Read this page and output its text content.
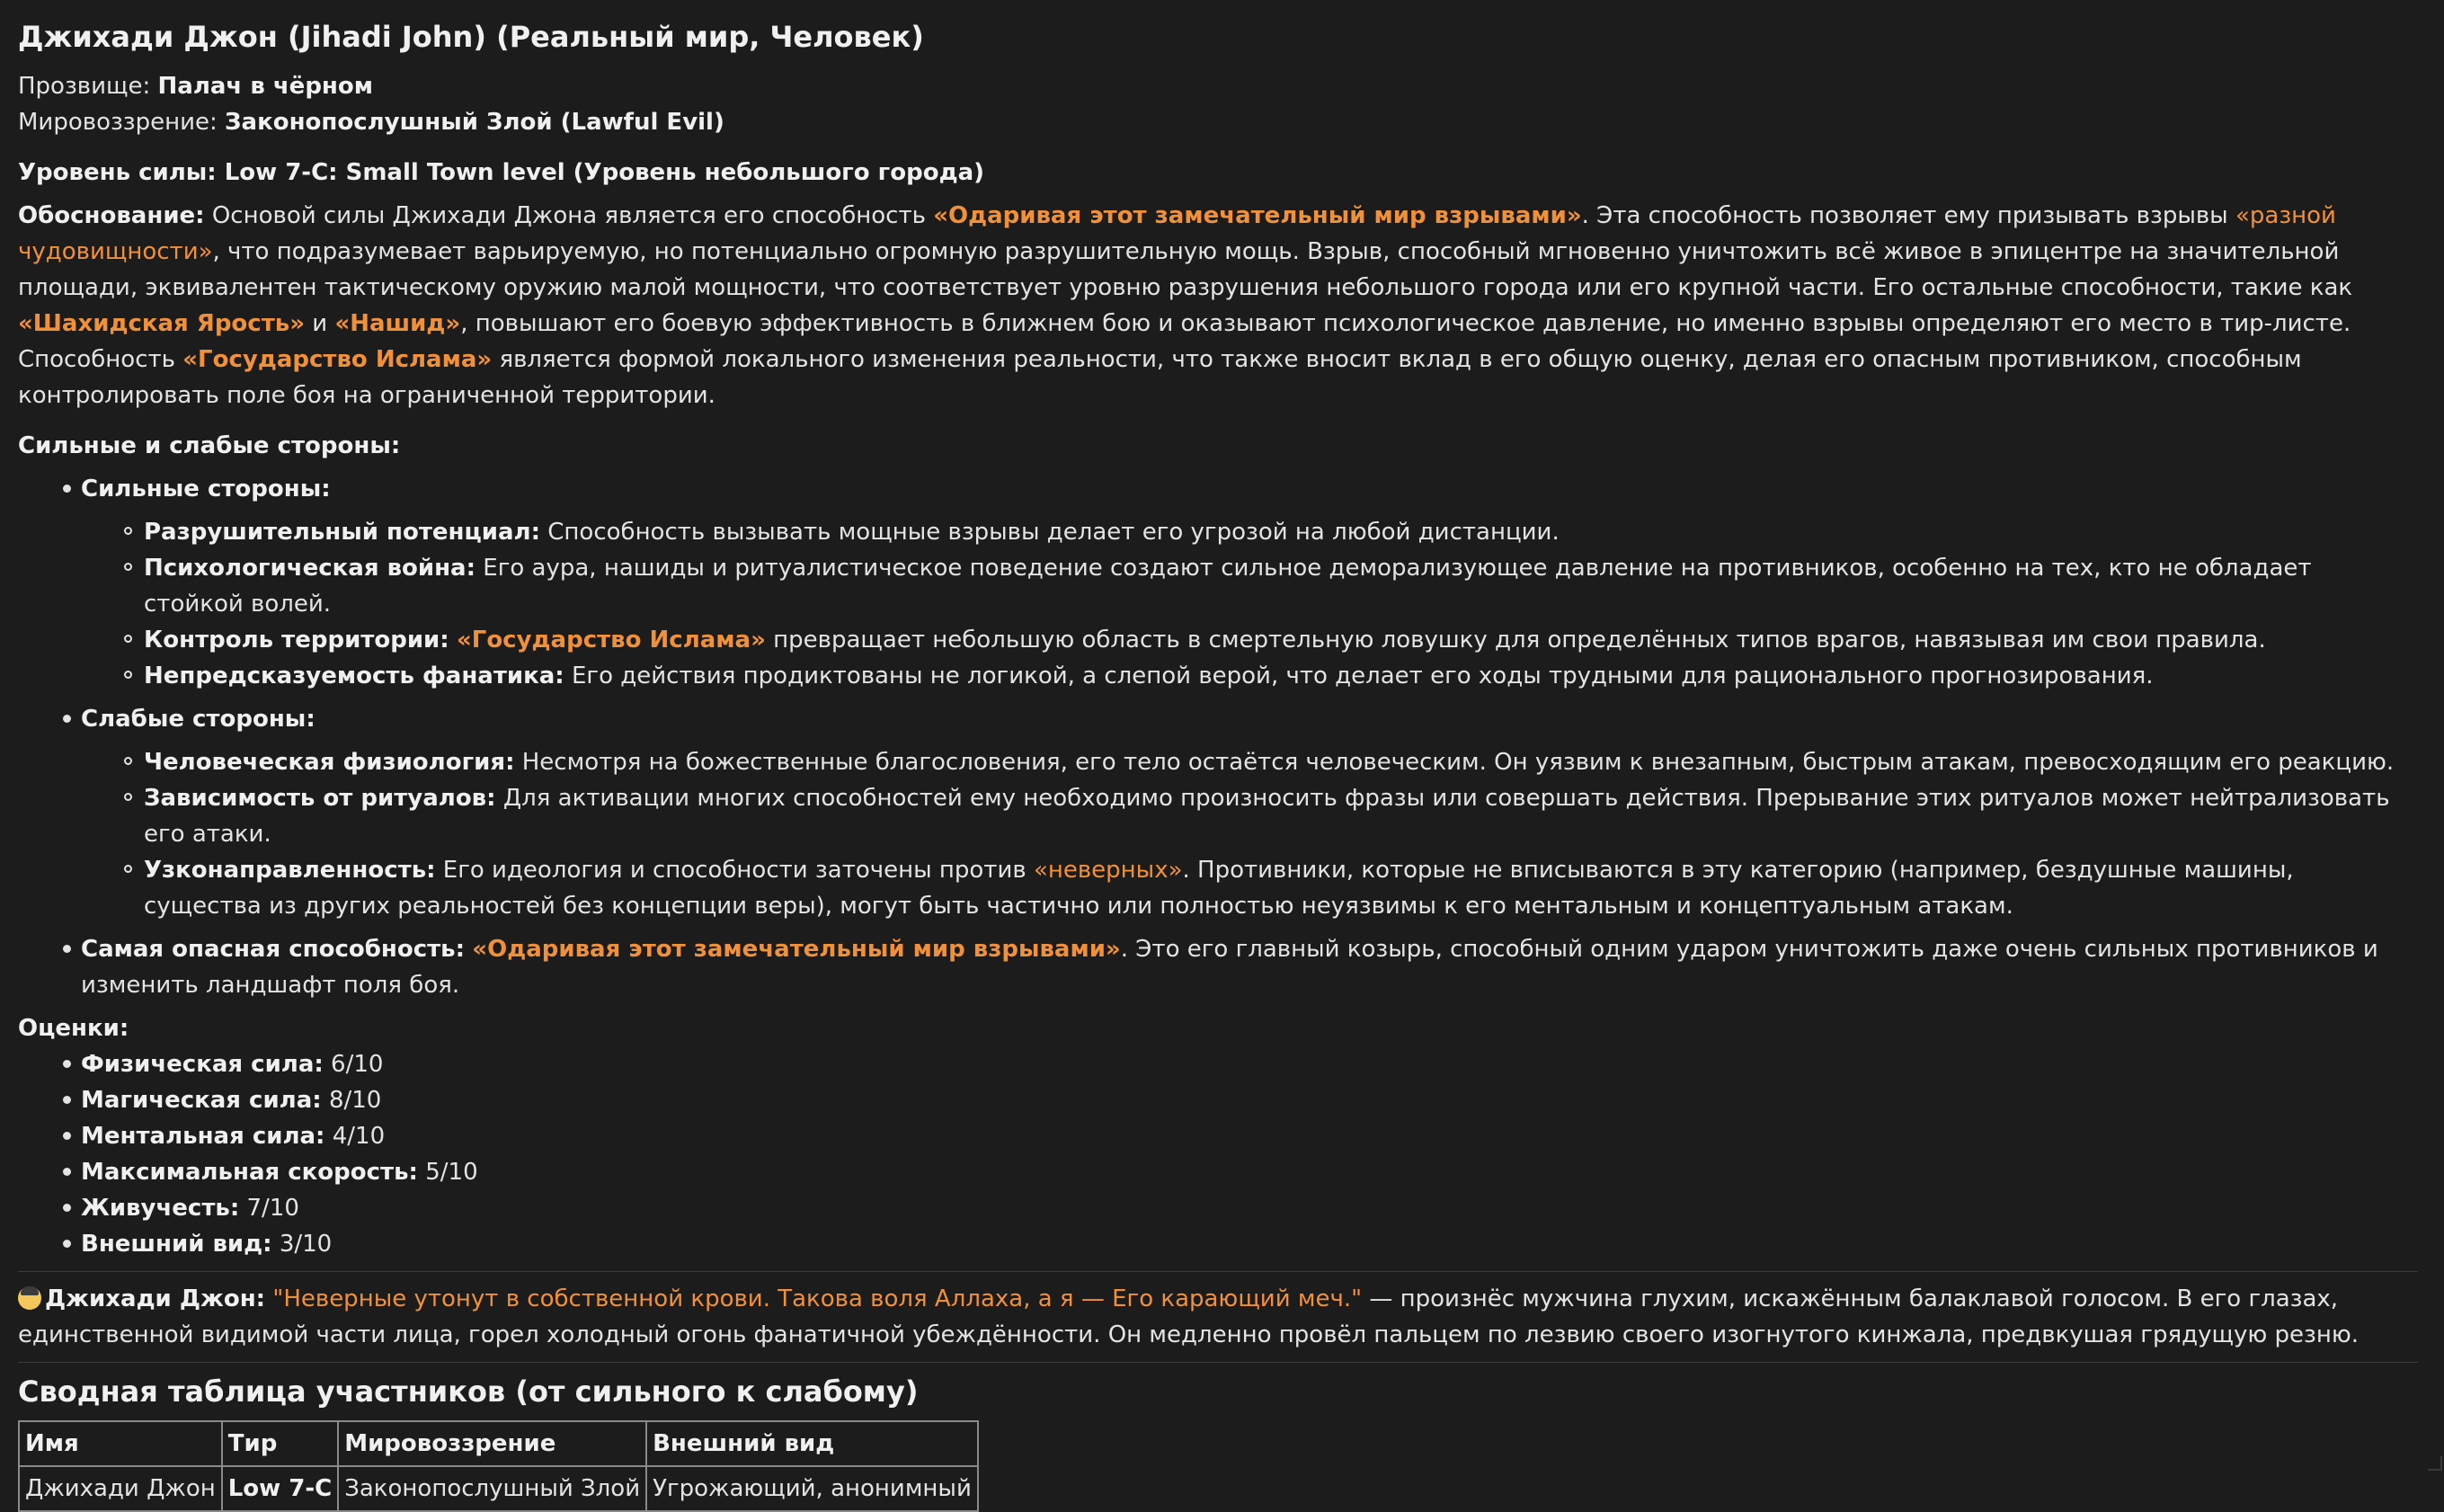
Джихади Джон (Jihadi John) (Реальный мир, Человек)

Прозвище: Палач в чёрном

Мировоззрение: Законопослушный Злой (Lawful Evil)

Уровень силы: Low 7-C: Small Town level (Уровень небольшого города)

Обоснование: Основой силы Джихади Джона является его способность «Одаривая этот замечательный мир взрывами». Эта способность позволяет ему призывать взрывы «разной чудовищности», что подразумевает варьируемую, но потенциально огромную разрушительную мощь. Взрыв, способный мгновенно уничтожить всё живое в эпицентре на значительной площади, эквивалентен тактическому оружию малой мощности, что соответствует уровню разрушения небольшого города или его крупной части. Его остальные способности, такие как «Шахидская Ярость» и «Нашид», повышают его боевую эффективность в ближнем бою и оказывают психологическое давление, но именно взрывы определяют его место в тир-листе. Способность «Государство Ислама» является формой локального изменения реальности, что также вносит вклад в его общую оценку, делая его опасным противником, способным контролировать поле боя на ограниченной территории.

Сильные и слабые стороны:

Сильные стороны:
Разрушительный потенциал: Способность вызывать мощные взрывы делает его угрозой на любой дистанции.
Психологическая война: Его аура, нашиды и ритуалистическое поведение создают сильное деморализующее давление на противников, особенно на тех, кто не обладает стойкой волей.
Контроль территории: «Государство Ислама» превращает небольшую область в смертельную ловушку для определённых типов врагов, навязывая им свои правила.
Непредсказуемость фанатика: Его действия продиктованы не логикой, а слепой верой, что делает его ходы трудными для рационального прогнозирования.
Слабые стороны:
Человеческая физиология: Несмотря на божественные благословения, его тело остаётся человеческим. Он уязвим к внезапным, быстрым атакам, превосходящим его реакцию.
Зависимость от ритуалов: Для активации многих способностей ему необходимо произносить фразы или совершать действия. Прерывание этих ритуалов может нейтрализовать его атаки.
Узконаправленность: Его идеология и способности заточены против «неверных». Противники, которые не вписываются в эту категорию (например, бездушные машины, существа из других реальностей без концепции веры), могут быть частично или полностью неуязвимы к его ментальным и концептуальным атакам.
Самая опасная способность: «Одаривая этот замечательный мир взрывами». Это его главный козырь, способный одним ударом уничтожить даже очень сильных противников и изменить ландшафт поля боя.

Оценки:

Физическая сила: 6/10
Магическая сила: 8/10
Ментальная сила: 4/10
Максимальная скорость: 5/10
Живучесть: 7/10
Внешний вид: 3/10

Джихади Джон: "Неверные утонут в собственной крови. Такова воля Аллаха, а я — Его карающий меч." — произнёс мужчина глухим, искажённым балаклавой голосом. В его глазах, единственной видимой части лица, горел холодный огонь фанатичной убеждённости. Он медленно провёл пальцем по лезвию своего изогнутого кинжала, предвкушая грядущую резню.

Сводная таблица участников (от сильного к слабому)
Имя	Тир	Мировоззрение	Внешний вид
Джихади Джон	Low 7-C	Законопослушный Злой	Угрожающий, анонимный
